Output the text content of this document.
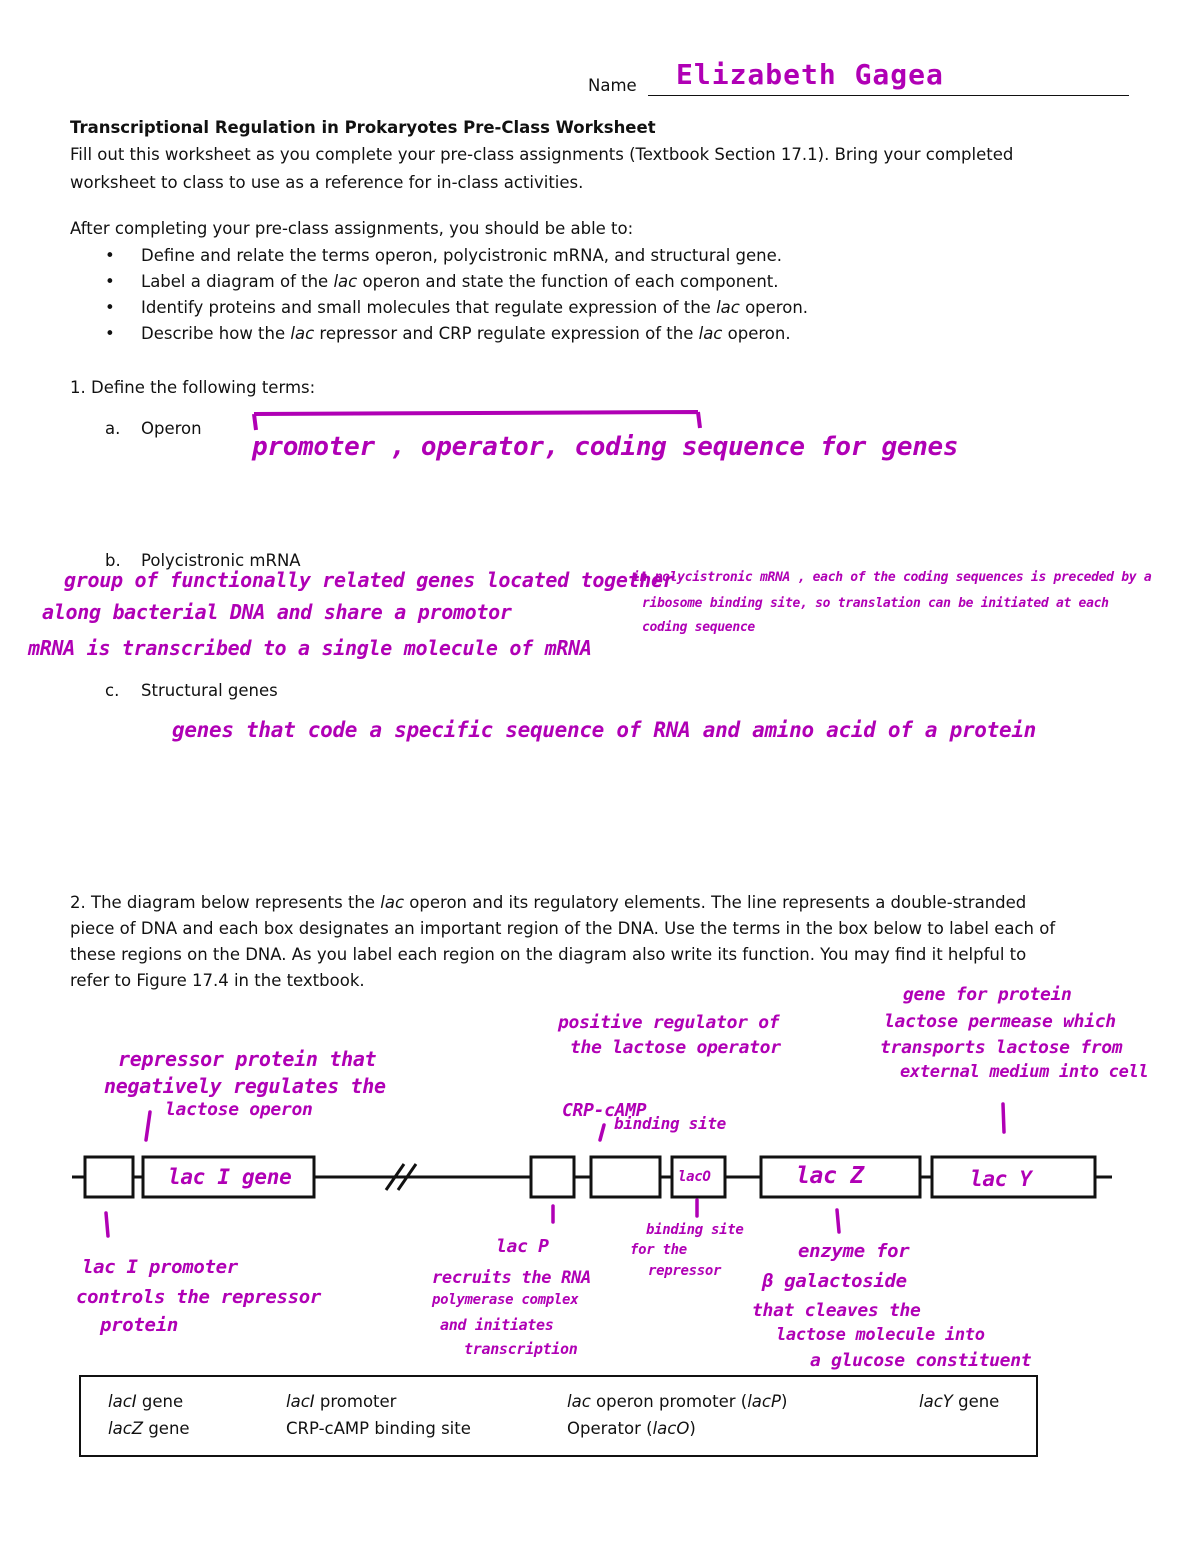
Name Elizabeth Gagea
Transcriptional Regulation in Prokaryotes Pre-Class Worksheet
Fill out this worksheet as you complete your pre-class assignments (Textbook Section 17.1). Bring your completed
worksheet to class to use as a reference for in-class activities.
After completing your pre-class assignments, you should be able to:
• Define and relate the terms operon, polycistronic mRNA, and structural gene.
• Label a diagram of the lac operon and state the function of each component.
• Identify proteins and small molecules that regulate expression of the lac operon.
• Describe how the lac repressor and CRP regulate expression of the lac operon.
1. Define the following terms:
a. Operon
promoter , operator, coding sequence for genes
b. Polycistronic mRNA
group of functionally related genes located together
along bacterial DNA and share a promotor
mRNA is transcribed to a single molecule of mRNA
in polycistronic mRNA , each of the coding sequences is preceded by a
ribosome binding site, so translation can be initiated at each
coding sequence
c. Structural genes
genes that code a specific sequence of RNA and amino acid of a protein
2. The diagram below represents the lac operon and its regulatory elements. The line represents a double-stranded
piece of DNA and each box designates an important region of the DNA. Use the terms in the box below to label each of
these regions on the DNA. As you label each region on the diagram also write its function. You may find it helpful to
refer to Figure 17.4 in the textbook.
lac I gene	lacO	lac Z	lac Y
repressor protein that
negatively regulates the
lactose operon
positive regulator of
the lactose operator
CRP-cAMP
binding site
gene for protein
lactose permease which
transports lactose from
external medium into cell
lac I promoter
controls the repressor
protein
lac P
recruits the RNA
polymerase complex
and initiates
transcription
binding site
for the
repressor
enzyme for
β galactoside
that cleaves the
lactose molecule into
a glucose constituent
lacI gene	lacI promoter	lac operon promoter (lacP)	lacY gene
lacZ gene	CRP-cAMP binding site	Operator (lacO)
